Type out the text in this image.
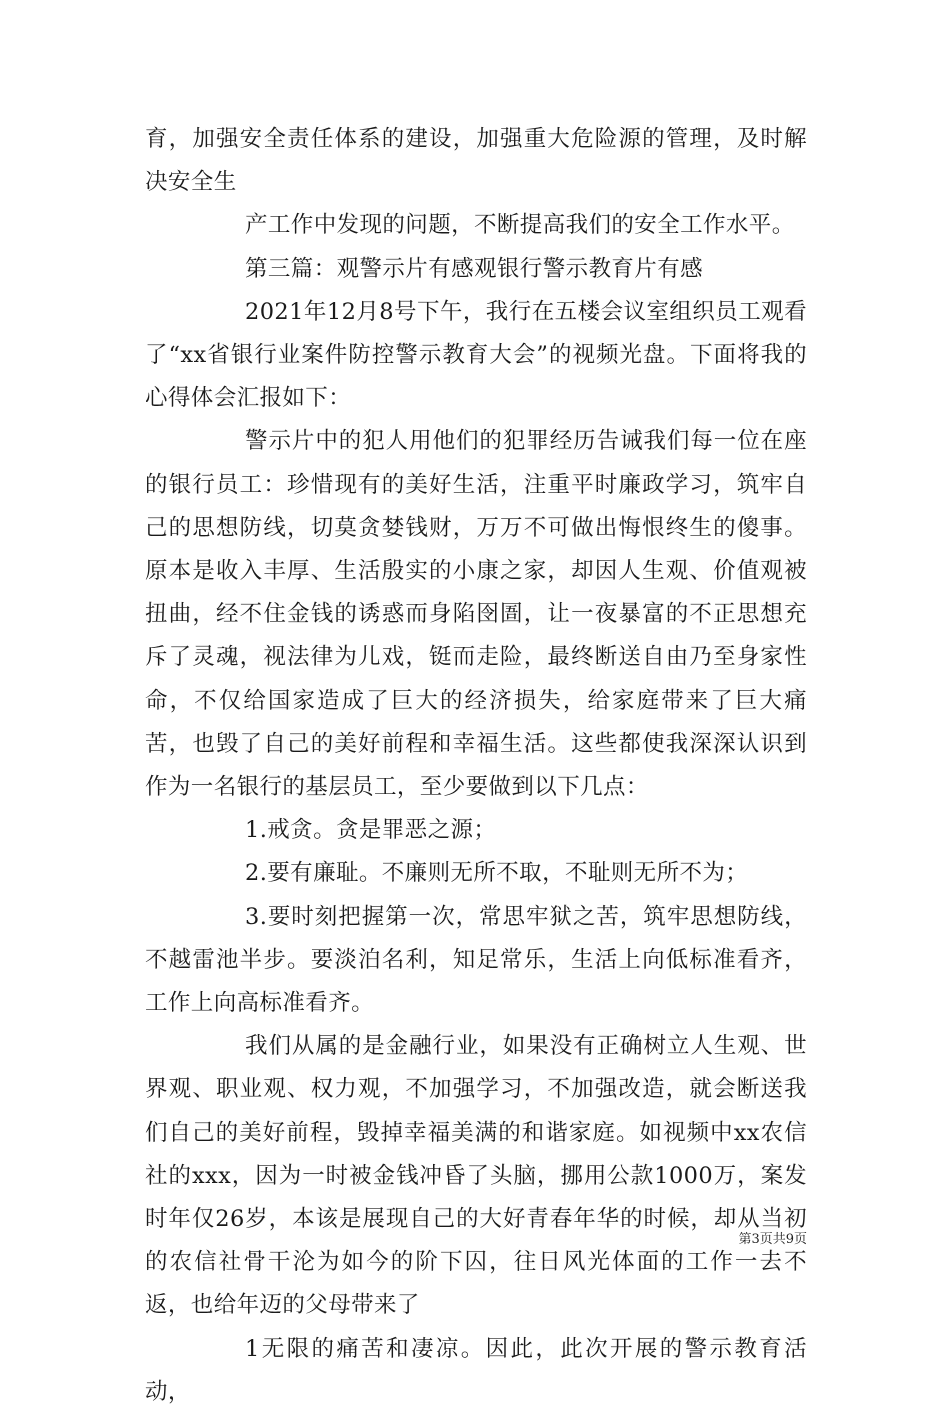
育，加强安全责任体系的建设，加强重大危险源的管理，及时解决安全生

产工作中发现的问题，不断提高我们的安全工作水平。

第三篇：观警示片有感观银行警示教育片有感

2021年12月8号下午，我行在五楼会议室组织员工观看了“xx省银行业案件防控警示教育大会”的视频光盘。下面将我的心得体会汇报如下：

警示片中的犯人用他们的犯罪经历告诫我们每一位在座的银行员工：珍惜现有的美好生活，注重平时廉政学习，筑牢自己的思想防线，切莫贪婪钱财，万万不可做出悔恨终生的傻事。原本是收入丰厚、生活殷实的小康之家，却因人生观、价值观被扭曲，经不住金钱的诱惑而身陷囹圄，让一夜暴富的不正思想充斥了灵魂，视法律为儿戏，铤而走险，最终断送自由乃至身家性命，不仅给国家造成了巨大的经济损失，给家庭带来了巨大痛苦，也毁了自己的美好前程和幸福生活。这些都使我深深认识到作为一名银行的基层员工，至少要做到以下几点：

1.戒贪。贪是罪恶之源；

2.要有廉耻。不廉则无所不取，不耻则无所不为；

3.要时刻把握第一次，常思牢狱之苦，筑牢思想防线，不越雷池半步。要淡泊名利，知足常乐，生活上向低标准看齐，工作上向高标准看齐。

我们从属的是金融行业，如果没有正确树立人生观、世界观、职业观、权力观，不加强学习，不加强改造，就会断送我们自己的美好前程，毁掉幸福美满的和谐家庭。如视频中xx农信社的xxx，因为一时被金钱冲昏了头脑，挪用公款1000万，案发时年仅26岁，本该是展现自己的大好青春年华的时候，却从当初的农信社骨干沦为如今的阶下囚，往日风光体面的工作一去不返，也给年迈的父母带来了

1无限的痛苦和凄凉。因此，此次开展的警示教育活动，

第3页共9页
